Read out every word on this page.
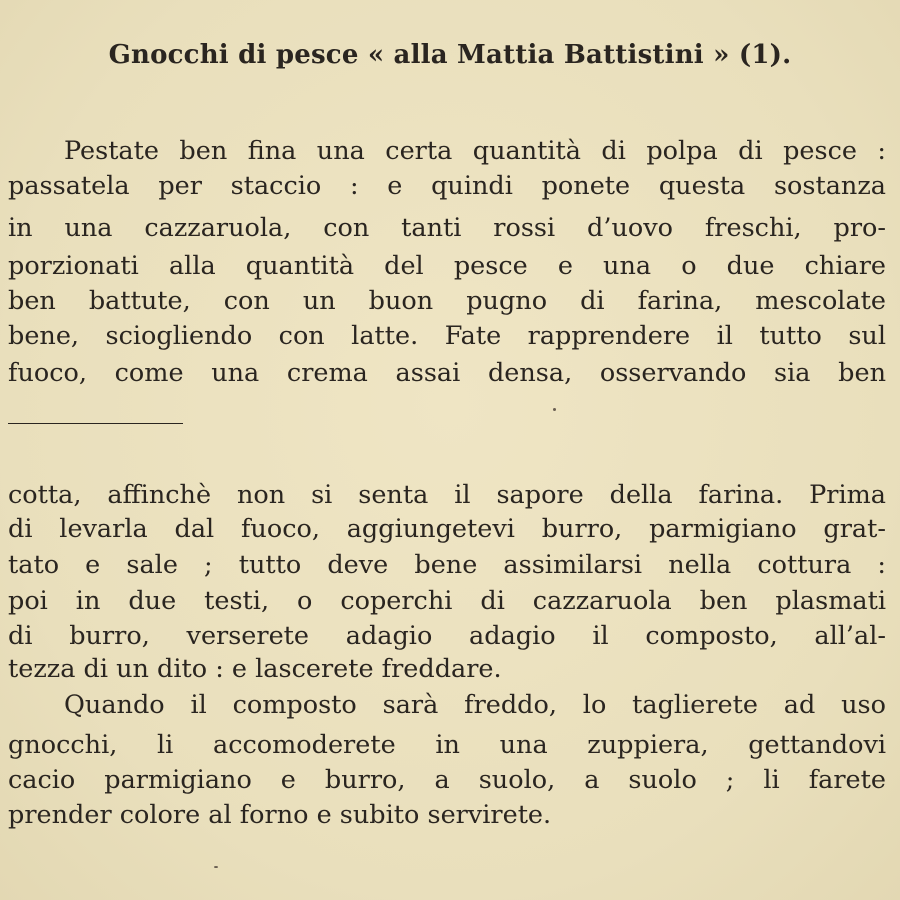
Gnocchi di pesce « alla Mattia Battistini » (1).
Pestate ben fina una certa quantità di polpa di pesce :
passatela per staccio : e quindi ponete questa sostanza
in una cazzaruola, con tanti rossi d’uovo freschi, pro-
porzionati alla quantità del pesce e una o due chiare
ben battute, con un buon pugno di farina, mescolate
bene, sciogliendo con latte. Fate rapprendere il tutto sul
fuoco, come una crema assai densa, osservando sia ben
cotta, affinchè non si senta il sapore della farina. Prima
di levarla dal fuoco, aggiungetevi burro, parmigiano grat-
tato e sale ; tutto deve bene assimilarsi nella cottura :
poi in due testi, o coperchi di cazzaruola ben plasmati
di burro, verserete adagio adagio il composto, all’al-
tezza di un dito : e lascerete freddare.
Quando il composto sarà freddo, lo taglierete ad uso
gnocchi, li accomoderete in una zuppiera, gettandovi
cacio parmigiano e burro, a suolo, a suolo ; li farete
prender colore al forno e subito servirete.
